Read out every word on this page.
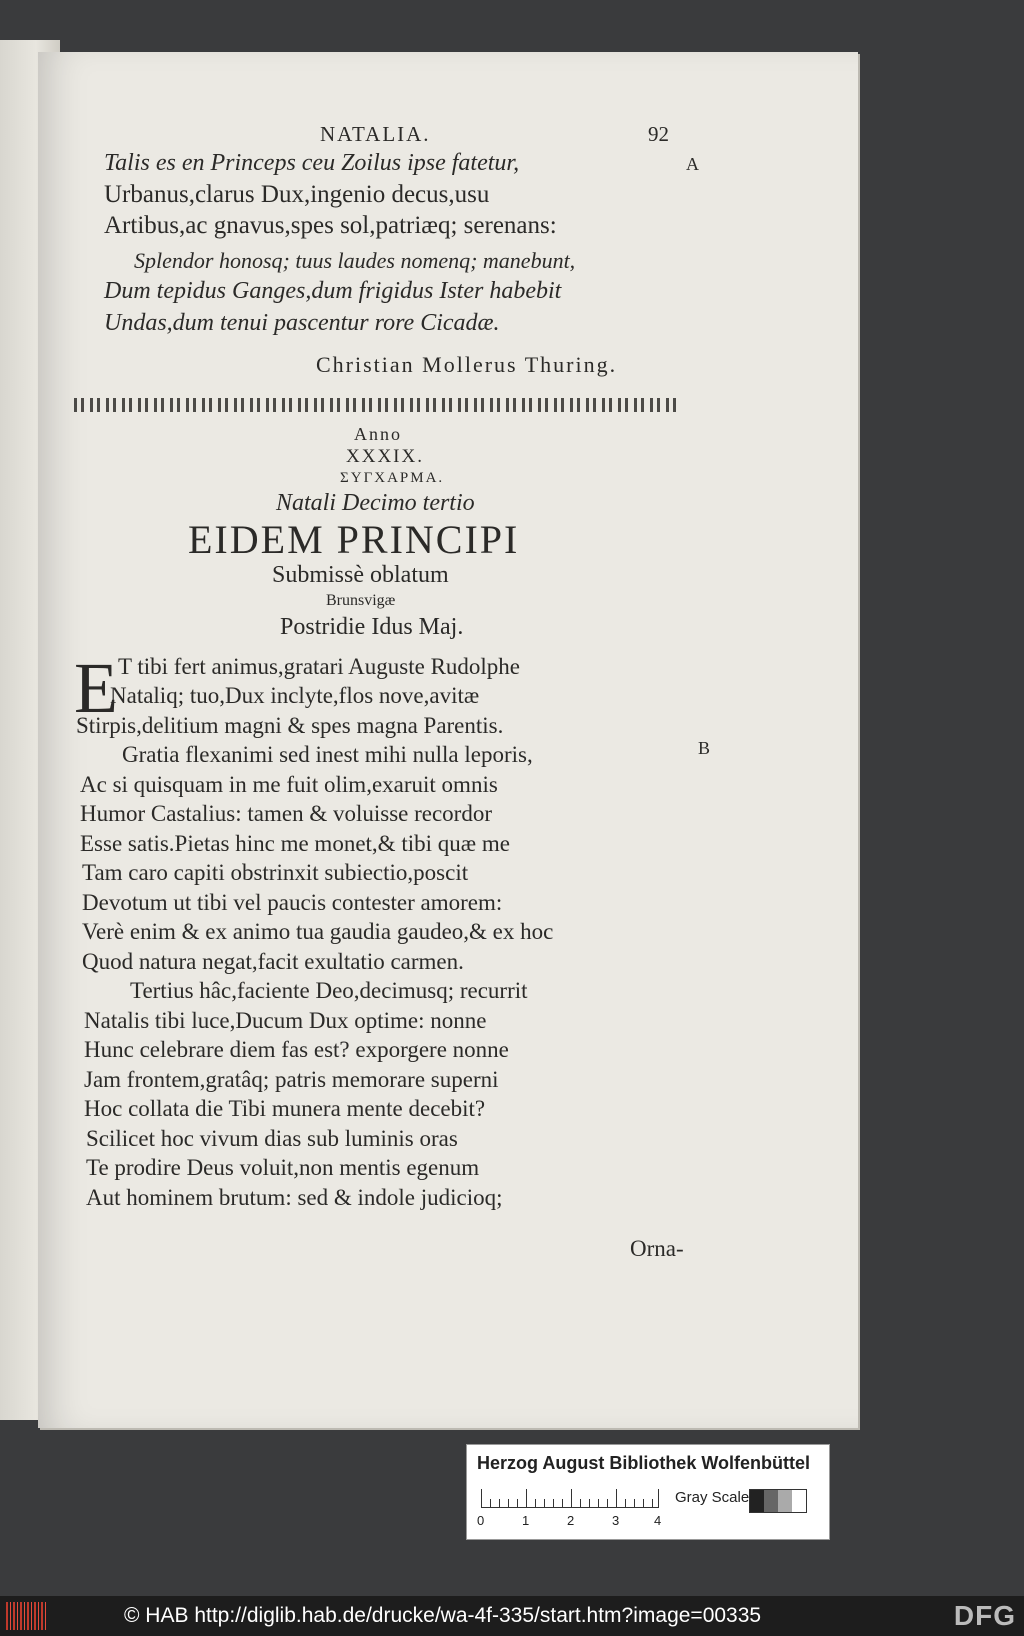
NATALIA.	92
A
Talis es en Princeps ceu Zoilus ipse fatetur,
Urbanus,clarus Dux,ingenio decus,usu
Artibus,ac gnavus,spes sol,patriæq; serenans:
Splendor honosq; tuus laudes nomenq; manebunt,
Dum tepidus Ganges,dum frigidus Ister habebit
Undas,dum tenui pascentur rore Cicadæ.
Christian Mollerus Thuring.
Anno
XXXIX.
ΣΥΓΧΑΡΜΑ.
Natali Decimo tertio
EIDEM PRINCIPI
Submissè oblatum
Brunsvigæ
Postridie Idus Maj.
E T tibi fert animus,gratari Auguste Rudolphe
Nataliq; tuo,Dux inclyte,flos nove,avitæ
Stirpis,delitium magni & spes magna Parentis.
Gratia flexanimi sed inest mihi nulla leporis,
Ac si quisquam in me fuit olim,exaruit omnis
Humor Castalius: tamen & voluisse recordor
Esse satis.Pietas hinc me monet,& tibi quæ me
Tam caro capiti obstrinxit subiectio,poscit
Devotum ut tibi vel paucis contester amorem:
Verè enim & ex animo tua gaudia gaudeo,& ex hoc
Quod natura negat,facit exultatio carmen.
Tertius hâc,faciente Deo,decimusq; recurrit
Natalis tibi luce,Ducum Dux optime: nonne
Hunc celebrare diem fas est? exporgere nonne
Jam frontem,gratâq; patris memorare superni
Hoc collata die Tibi munera mente decebit?
Scilicet hoc vivum dias sub luminis oras
Te prodire Deus voluit,non mentis egenum
Aut hominem brutum: sed & indole judicioq;
B
Orna-
Herzog August Bibliothek Wolfenbüttel
0	1	2	3	4
Gray Scale
© HAB http://diglib.hab.de/drucke/wa-4f-335/start.htm?image=00335	DFG
